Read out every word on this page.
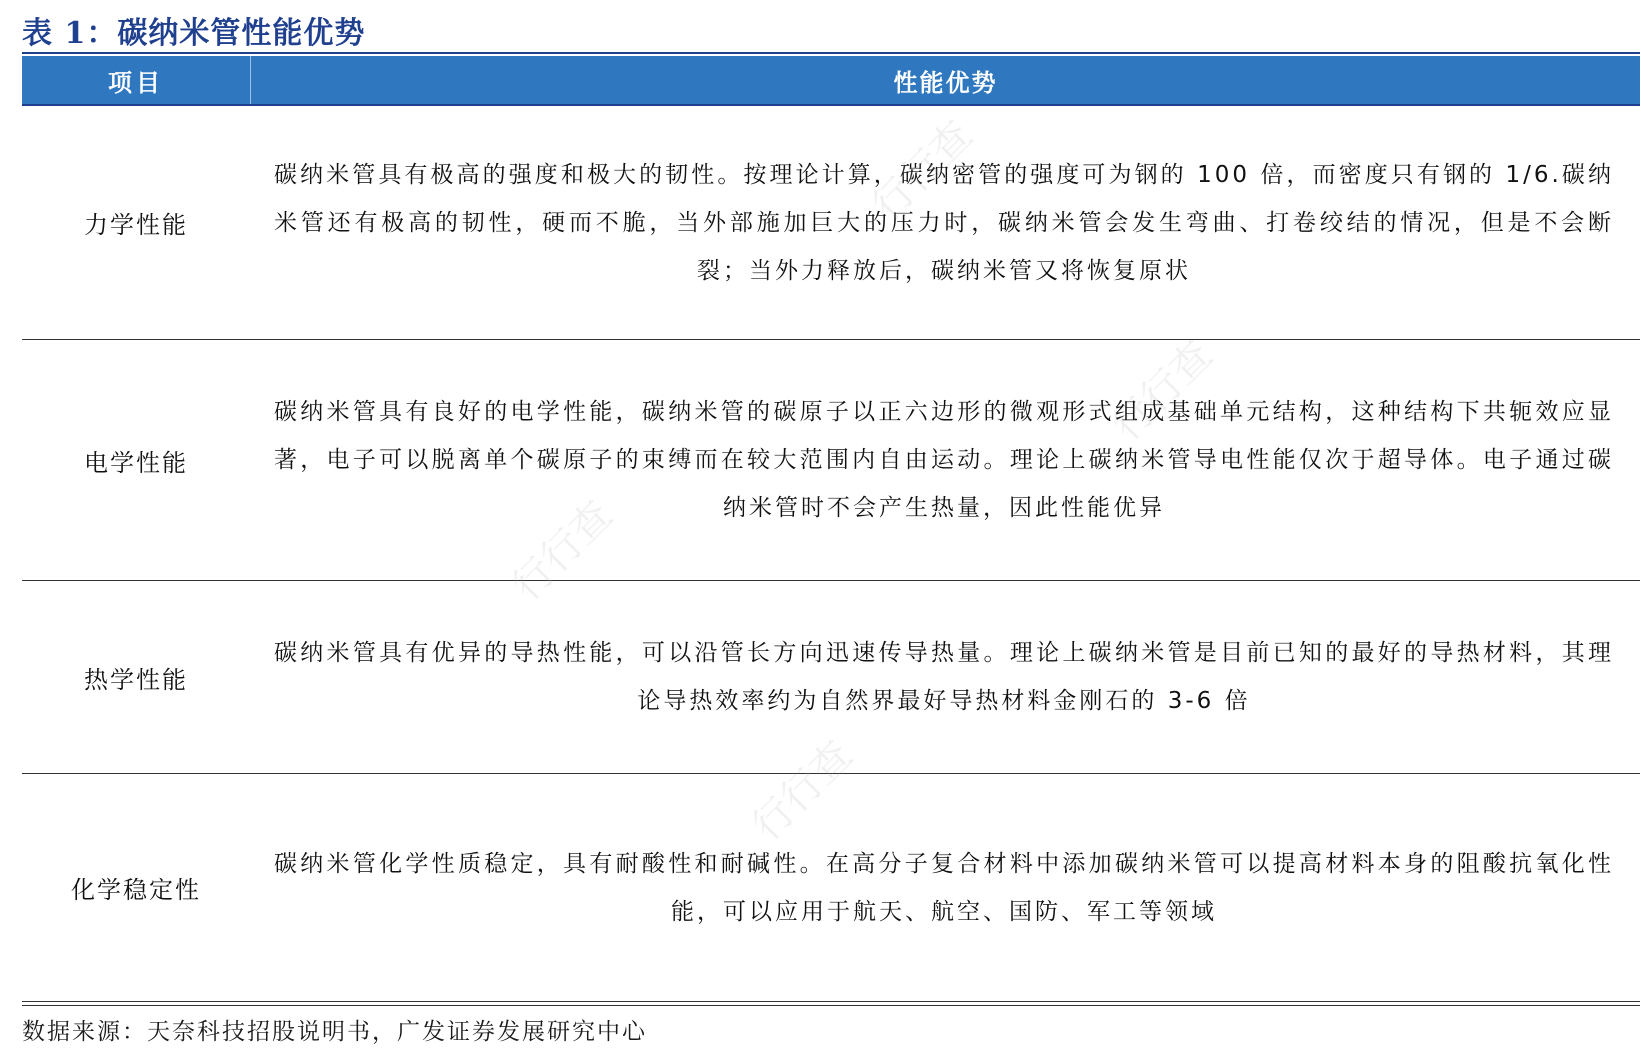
表 1：碳纳米管性能优势
项目	性能优势
力学性能

碳纳米管具有极高的强度和极大的韧性。按理论计算，碳纳密管的强度可为钢的 100 倍，而密度只有钢的 1/6.碳纳米管还有极高的韧性，硬而不脆，当外部施加巨大的压力时，碳纳米管会发生弯曲、打卷绞结的情况，但是不会断裂；当外力释放后，碳纳米管又将恢复原状

电学性能

碳纳米管具有良好的电学性能，碳纳米管的碳原子以正六边形的微观形式组成基础单元结构，这种结构下共轭效应显著，电子可以脱离单个碳原子的束缚而在较大范围内自由运动。理论上碳纳米管导电性能仅次于超导体。电子通过碳纳米管时不会产生热量，因此性能优异

热学性能

碳纳米管具有优异的导热性能，可以沿管长方向迅速传导热量。理论上碳纳米管是目前已知的最好的导热材料，其理论导热效率约为自然界最好导热材料金刚石的 3-6 倍

化学稳定性

碳纳米管化学性质稳定，具有耐酸性和耐碱性。在高分子复合材料中添加碳纳米管可以提高材料本身的阻酸抗氧化性能，可以应用于航天、航空、国防、军工等领域

数据来源：天奈科技招股说明书，广发证券发展研究中心
行行查
行行查
行行查
行行查
